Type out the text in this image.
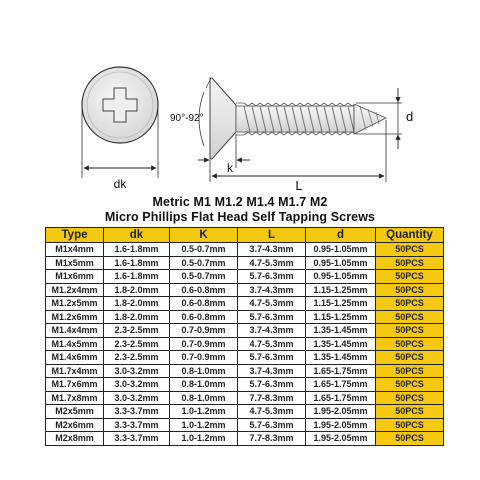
dk
90°-92°
k
L
d
Metric M1 M1.2 M1.4 M1.7 M2
Micro Phillips Flat Head Self Tapping Screws
Type	dk	K	L	d	Quantity
M1x4mm	1.6-1.8mm	0.5-0.7mm	3.7-4.3mm	0.95-1.05mm	50PCS
M1x5mm	1.6-1.8mm	0.5-0.7mm	4.7-5.3mm	0.95-1.05mm	50PCS
M1x6mm	1.6-1.8mm	0.5-0.7mm	5.7-6.3mm	0.95-1.05mm	50PCS
M1.2x4mm	1.8-2.0mm	0.6-0.8mm	3.7-4.3mm	1.15-1.25mm	50PCS
M1.2x5mm	1.8-2.0mm	0.6-0.8mm	4.7-5.3mm	1.15-1.25mm	50PCS
M1.2x6mm	1.8-2.0mm	0.6-0.8mm	5.7-6.3mm	1.15-1.25mm	50PCS
M1.4x4mm	2.3-2.5mm	0.7-0.9mm	3.7-4.3mm	1.35-1.45mm	50PCS
M1.4x5mm	2.3-2.5mm	0.7-0.9mm	4.7-5.3mm	1.35-1.45mm	50PCS
M1.4x6mm	2.3-2.5mm	0.7-0.9mm	5.7-6.3mm	1.35-1.45mm	50PCS
M1.7x4mm	3.0-3.2mm	0.8-1.0mm	3.7-4.3mm	1.65-1.75mm	50PCS
M1.7x6mm	3.0-3.2mm	0.8-1.0mm	5.7-6.3mm	1.65-1.75mm	50PCS
M1.7x8mm	3.0-3.2mm	0.8-1.0mm	7.7-8.3mm	1.65-1.75mm	50PCS
M2x5mm	3.3-3.7mm	1.0-1.2mm	4.7-5.3mm	1.95-2.05mm	50PCS
M2x6mm	3.3-3.7mm	1.0-1.2mm	5.7-6.3mm	1.95-2.05mm	50PCS
M2x8mm	3.3-3.7mm	1.0-1.2mm	7.7-8.3mm	1.95-2.05mm	50PCS
